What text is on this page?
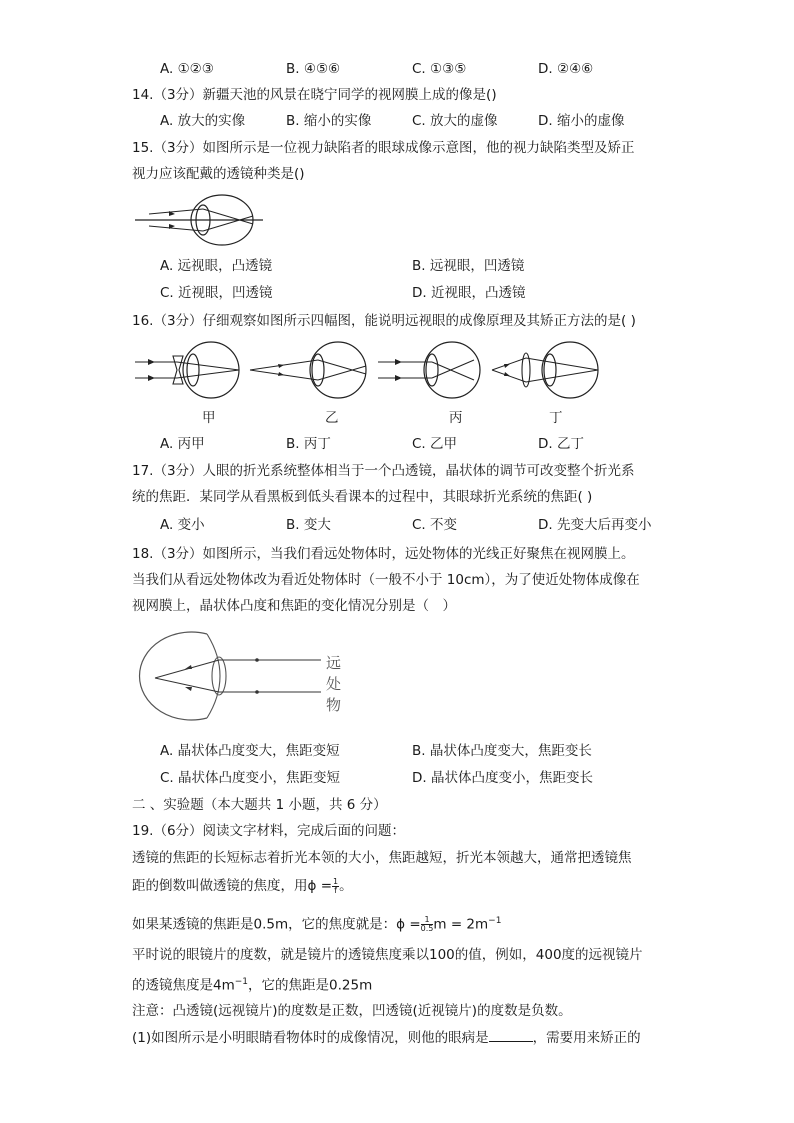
A. ①②③	B. ④⑤⑥	C. ①③⑤	D. ②④⑥
14.（3分）新疆天池的风景在晓宁同学的视网膜上成的像是()
A. 放大的实像	B. 缩小的实像	C. 放大的虚像	D. 缩小的虚像
15.（3分）如图所示是一位视力缺陷者的眼球成像示意图，他的视力缺陷类型及矫正
视力应该配戴的透镜种类是()
A. 远视眼，凸透镜	B. 远视眼，凹透镜
C. 近视眼，凹透镜	D. 近视眼，凸透镜
16.（3分）仔细观察如图所示四幅图，能说明远视眼的成像原理及其矫正方法的是( )
甲	乙	丙	丁
A. 丙甲	B. 丙丁	C. 乙甲	D. 乙丁
17.（3分）人眼的折光系统整体相当于一个凸透镜，晶状体的调节可改变整个折光系
统的焦距．某同学从看黑板到低头看课本的过程中，其眼球折光系统的焦距( )
A. 变小	B. 变大	C. 不变	D. 先变大后再变小
18.（3分）如图所示，当我们看远处物体时，远处物体的光线正好聚焦在视网膜上。
当我们从看远处物体改为看近处物体时（一般不小于 10cm），为了使近处物体成像在
视网膜上，晶状体凸度和焦距的变化情况分别是（　）
远
处
物
A. 晶状体凸度变大，焦距变短	B. 晶状体凸度变大，焦距变长
C. 晶状体凸度变小，焦距变短	D. 晶状体凸度变小，焦距变长
二 、实验题（本大题共 1 小题，共 6 分）
19.（6分）阅读文字材料，完成后面的问题：
透镜的焦距的长短标志着折光本领的大小，焦距越短，折光本领越大，通常把透镜焦
距的倒数叫做透镜的焦度，用$\phi = \frac{1}{f}$ 。
如果某透镜的焦距是0.5m，它的焦度就是：$\phi = \frac{1}{0.5}$ $m = 2m^{-1}$
平时说的眼镜片的度数，就是镜片的透镜焦度乘以100的值，例如，400度的远视镜片
的透镜焦度是$4m^{-1}$，它的焦距是0.25m
注意：凸透镜(远视镜片)的度数是正数，凹透镜(近视镜片)的度数是负数。
(1)如图所示是小明眼睛看物体时的成像情况，则他的眼病是	，需要用来矫正的
